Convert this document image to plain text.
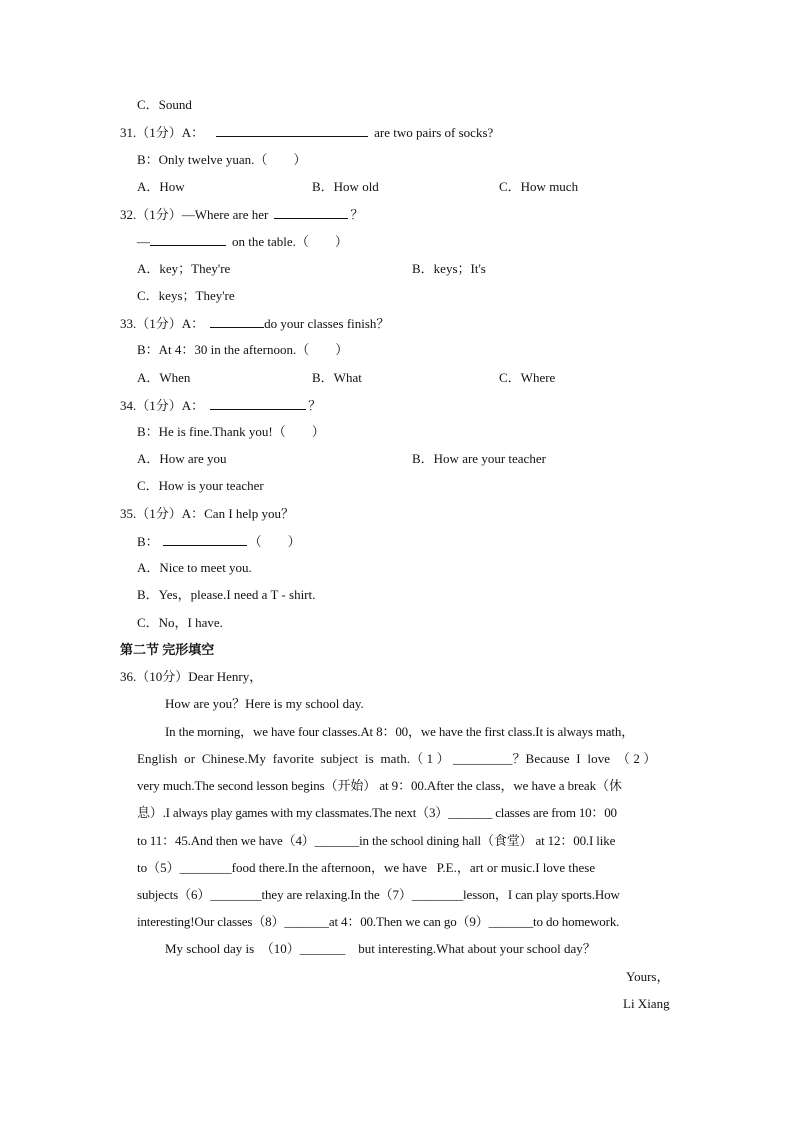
C．Sound
31.（1分）A：	are two pairs of socks?
B：Only twelve yuan.（　　）
A．How	B．How old	C．How much
32.（1分）—Where are her	？
—	on the table.（　　）
A．key；They're	B．keys；It's
C．keys；They're
33.（1分）A：	do your classes finish？
B：At 4：30 in the afternoon.（　　）
A．When	B．What	C．Where
34.（1分）A：	？
B：He is fine.Thank you!（　　）
A．How are you	B．How are your teacher
C．How is your teacher
35.（1分）A：Can I help you？
B：	（　　）
A．Nice to meet you.
B．Yes，please.I need a T - shirt.
C．No，I have.
第二节 完形填空
36.（10分）Dear Henry，
How are you？Here is my school day.
In the morning，we have four classes.At 8：00，we have the first class.It is always math，
English  or  Chinese.My  favorite  subject  is  math.（ 1 ） _________？Because  I  love  （ 2 ）
very much.The second lesson begins（开始） at 9：00.After the class，we have a break（休
息）.I always play games with my classmates.The next（3）_______ classes are from 10：00
to 11：45.And then we have（4）_______in the school dining hall（食堂） at 12：00.I like
to（5）________food there.In the afternoon，we have   P.E.，art or music.I love these
subjects（6）________they are relaxing.In the（7）________lesson，I can play sports.How
interesting!Our classes（8）_______at 4：00.Then we can go（9）_______to do homework.
My school day is  （10）_______    but interesting.What about your school day？
Yours，
Li Xiang
